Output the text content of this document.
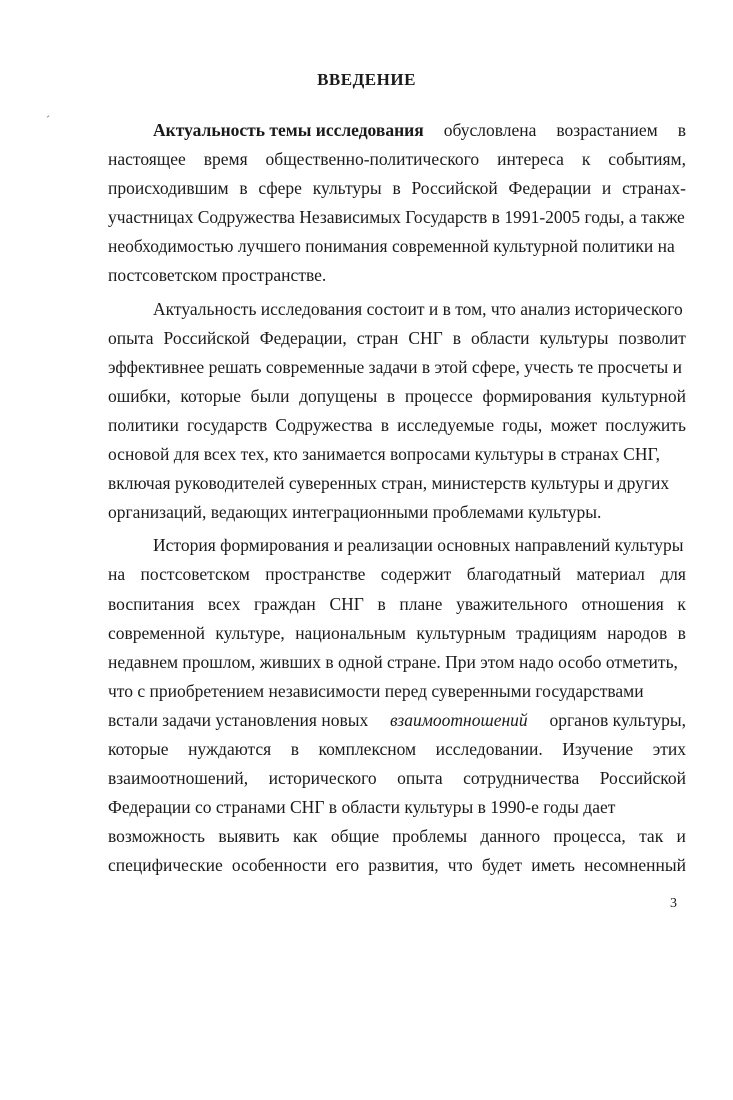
ВВЕДЕНИЕ
ˊ	Актуальность темы исследования обусловлена возрастанием в
настоящее время общественно-политического интереса к событиям,
происходившим в сфере культуры в Российской Федерации и странах-
участницах Содружества Независимых Государств в 1991-2005 годы, а также
необходимостью лучшего понимания современной культурной политики на
постсоветском пространстве.
Актуальность исследования состоит и в том, что анализ исторического
опыта Российской Федерации, стран СНГ в области культуры позволит
эффективнее решать современные задачи в этой сфере, учесть те просчеты и
ошибки, которые были допущены в процессе формирования культурной
политики государств Содружества в исследуемые годы, может послужить
основой для всех тех, кто занимается вопросами культуры в странах СНГ,
включая руководителей суверенных стран, министерств культуры и других
организаций, ведающих интеграционными проблемами культуры.
История формирования и реализации основных направлений культуры
на постсоветском пространстве содержит благодатный материал для
воспитания всех граждан СНГ в плане уважительного отношения к
современной культуре, национальным культурным традициям народов в
недавнем прошлом, живших в одной стране. При этом надо особо отметить,
что с приобретением независимости перед суверенными государствами
встали задачи установления новых взаимоотношений органов культуры,
которые нуждаются в комплексном исследовании. Изучение этих
взаимоотношений, исторического опыта сотрудничества Российской
Федерации со странами СНГ в области культуры в 1990-е годы дает
возможность выявить как общие проблемы данного процесса, так и
специфические особенности его развития, что будет иметь несомненный
3
